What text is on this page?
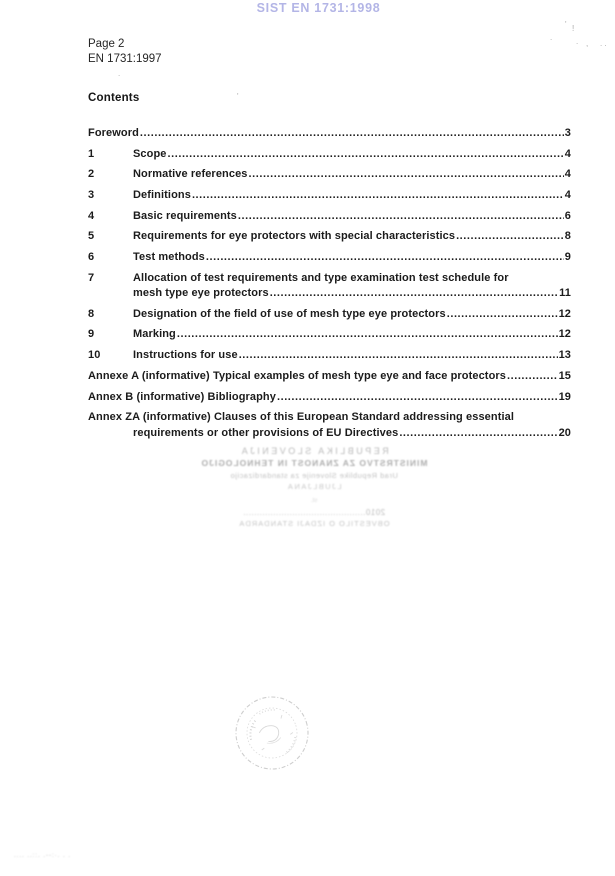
SIST EN 1731:1998
Page 2
EN 1731:1997
Contents
Foreword .....	3
1	Scope .....	4
2	Normative references .....	4
3	Definitions .....	4
4	Basic requirements .....	6
5	Requirements for eye protectors with special characteristics .....	8
6	Test methods .....	9
7	Allocation of test requirements and type examination test schedule for
mesh type eye protectors .....	11
8	Designation of the field of use of mesh type eye protectors .....	12
9	Marking .....	12
10	Instructions for use .....	13
Annexe A (informative) Typical examples of mesh type eye and face protectors .....	15
Annex B (informative) Bibliography .....	19
Annex ZA (informative) Clauses of this European Standard addressing essential
requirements or other provisions of EU Directives .....	20
REPUBLIKA SLOVENIJA
MINISTRSTVO ZA ZNANOST IN TEHNOLOGIJO
Urad Republike Slovenije za standardizacijo
LJUBLJANA
st.
2010.............................................
OBVESTILO O IZDAJI STANDARDA
' !
.	. , . .
'
.
.... ..::. .--:·. . .
